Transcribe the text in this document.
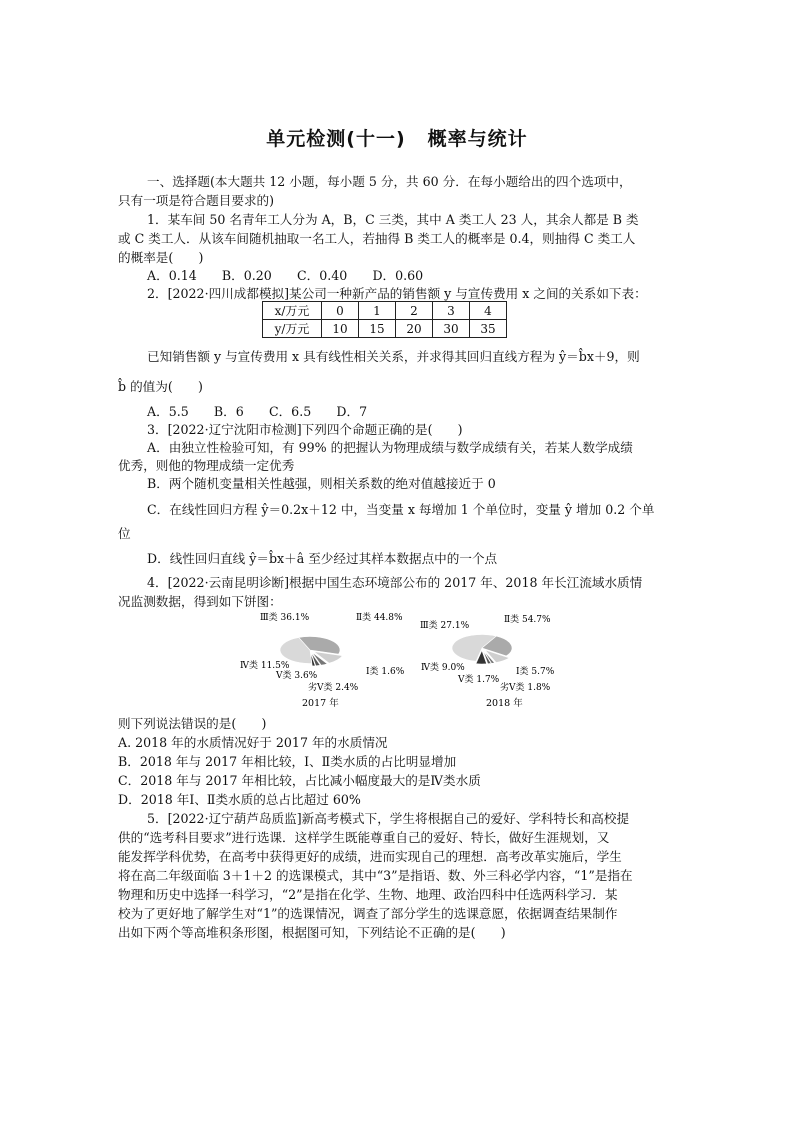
单元检测(十一) 概率与统计
一、选择题(本大题共 12 小题，每小题 5 分，共 60 分．在每小题给出的四个选项中，
只有一项是符合题目要求的)
1．某车间 50 名青年工人分为 A，B，C 三类，其中 A 类工人 23 人，其余人都是 B 类
或 C 类工人．从该车间随机抽取一名工人，若抽得 B 类工人的概率是 0.4，则抽得 C 类工人
的概率是(　　)
A．0.14　　B．0.20　　C．0.40　　D．0.60
2．[2022·四川成都模拟]某公司一种新产品的销售额 y 与宣传费用 x 之间的关系如下表：
x/万元	0	1	2	3	4
y/万元	10	15	20	30	35
已知销售额 y 与宣传费用 x 具有线性相关关系，并求得其回归直线方程为 ŷ＝b̂x＋9，则
b̂ 的值为(　　)
A．5.5　　B．6　　C．6.5　　D．7
3．[2022·辽宁沈阳市检测]下列四个命题正确的是(　　)
A．由独立性检验可知，有 99% 的把握认为物理成绩与数学成绩有关，若某人数学成绩
优秀，则他的物理成绩一定优秀
B．两个随机变量相关性越强，则相关系数的绝对值越接近于 0
C．在线性回归方程 ŷ＝0.2x＋12 中，当变量 x 每增加 1 个单位时，变量 ŷ 增加 0.2 个单
位
D．线性回归直线 ŷ＝b̂x＋â 至少经过其样本数据点中的一个点
4．[2022·云南昆明诊断]根据中国生态环境部公布的 2017 年、2018 年长江流域水质情
况监测数据，得到如下饼图：
Ⅰ类 1.6%
Ⅱ类 44.8%
Ⅲ类 36.1%
Ⅳ类 11.5%
Ⅴ类 3.6%
劣Ⅴ类 2.4%
2017 年
Ⅰ类 5.7%
Ⅱ类 54.7%
Ⅲ类 27.1%
Ⅳ类 9.0%
Ⅴ类 1.7%
劣Ⅴ类 1.8%
2018 年
则下列说法错误的是(　　)
A. 2018 年的水质情况好于 2017 年的水质情况
B．2018 年与 2017 年相比较，Ⅰ、Ⅱ类水质的占比明显增加
C．2018 年与 2017 年相比较，占比减小幅度最大的是Ⅳ类水质
D．2018 年Ⅰ、Ⅱ类水质的总占比超过 60%
5．[2022·辽宁葫芦岛质监]新高考模式下，学生将根据自己的爱好、学科特长和高校提
供的“选考科目要求”进行选课．这样学生既能尊重自己的爱好、特长，做好生涯规划，又
能发挥学科优势，在高考中获得更好的成绩，进而实现自己的理想．高考改革实施后，学生
将在高二年级面临 3＋1＋2 的选课模式，其中“3”是指语、数、外三科必学内容，“1”是指在
物理和历史中选择一科学习，“2”是指在化学、生物、地理、政治四科中任选两科学习．某
校为了更好地了解学生对“1”的选课情况，调查了部分学生的选课意愿，依据调查结果制作
出如下两个等高堆积条形图，根据图可知，下列结论不正确的是(　　)
